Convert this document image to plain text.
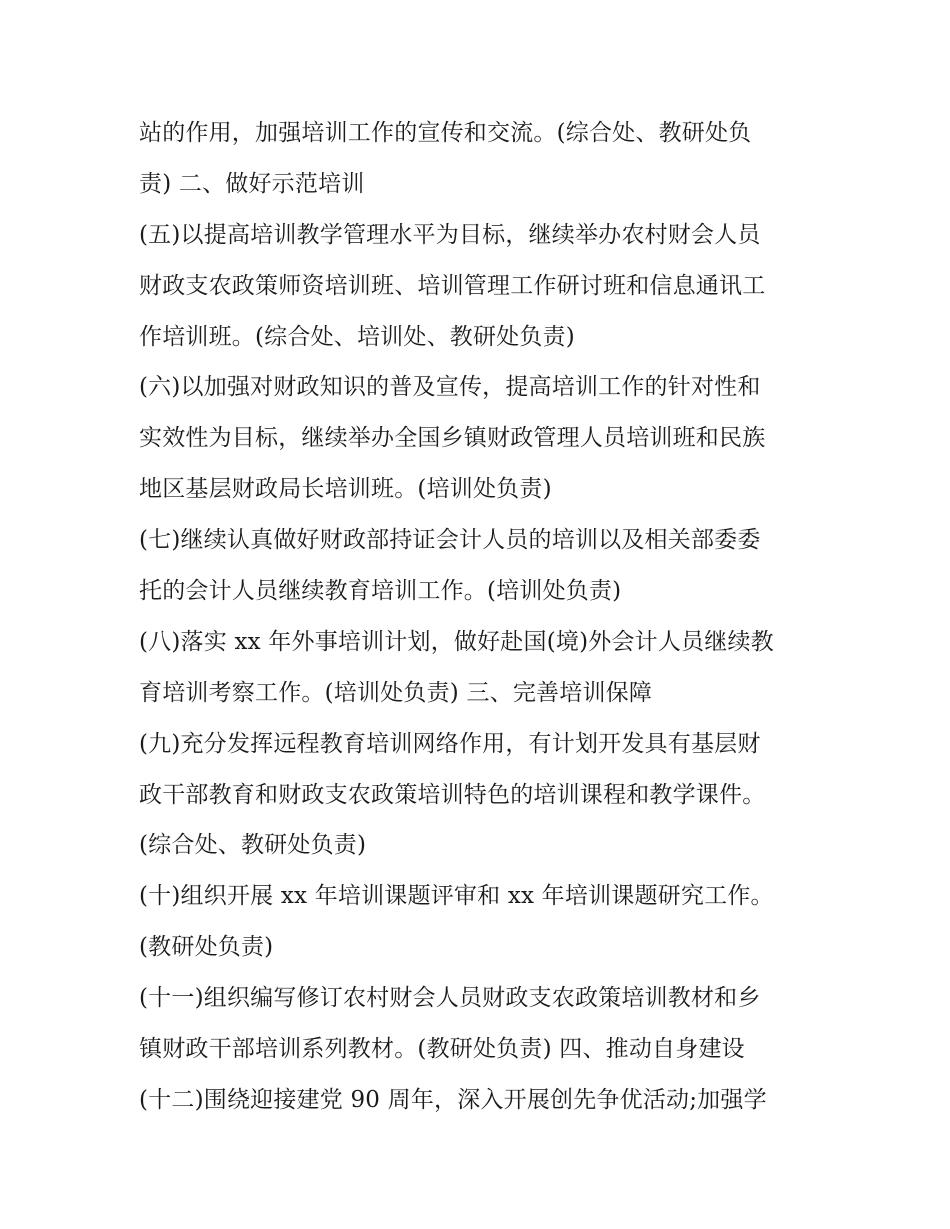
站的作用，加强培训工作的宣传和交流。(综合处、教研处负
责) 二、做好示范培训
(五)以提高培训教学管理水平为目标，继续举办农村财会人员
财政支农政策师资培训班、培训管理工作研讨班和信息通讯工
作培训班。(综合处、培训处、教研处负责)
(六)以加强对财政知识的普及宣传，提高培训工作的针对性和
实效性为目标，继续举办全国乡镇财政管理人员培训班和民族
地区基层财政局长培训班。(培训处负责)
(七)继续认真做好财政部持证会计人员的培训以及相关部委委
托的会计人员继续教育培训工作。(培训处负责)
(八)落实 xx 年外事培训计划，做好赴国(境)外会计人员继续教
育培训考察工作。(培训处负责) 三、完善培训保障
(九)充分发挥远程教育培训网络作用，有计划开发具有基层财
政干部教育和财政支农政策培训特色的培训课程和教学课件。
(综合处、教研处负责)
(十)组织开展 xx 年培训课题评审和 xx 年培训课题研究工作。
(教研处负责)
(十一)组织编写修订农村财会人员财政支农政策培训教材和乡
镇财政干部培训系列教材。(教研处负责) 四、推动自身建设
(十二)围绕迎接建党 90 周年，深入开展创先争优活动;加强学
